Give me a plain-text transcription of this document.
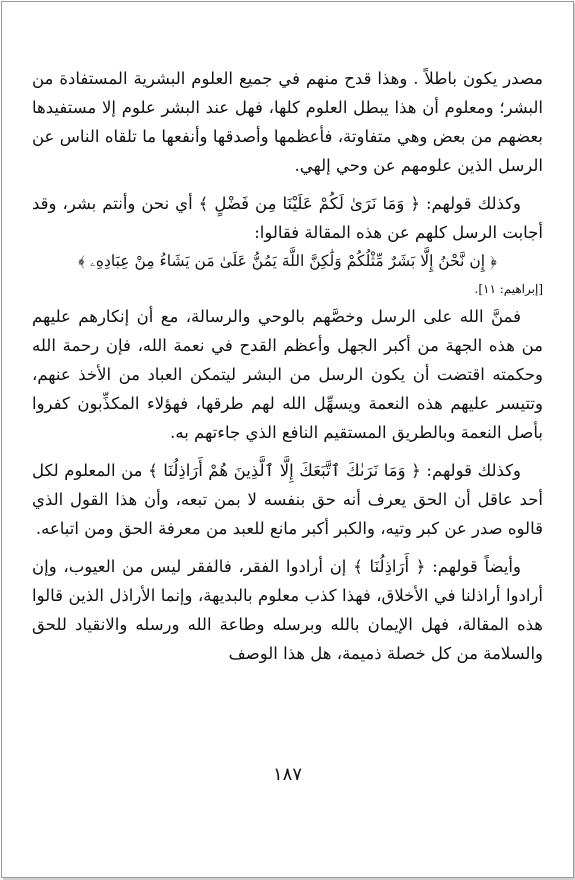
مصدر يكون باطلاً . وهذا قدح منهم في جميع العلوم البشرية المستفادة من البشر؛ ومعلوم أن هذا يبطل العلوم كلها، فهل عند البشر علوم إلا مستفيدها بعضهم من بعض وهي متفاوتة، فأعظمها وأصدقها وأنفعها ما تلقاه الناس عن الرسل الذين علومهم عن وحي إلهي.

وكذلك قولهم: ﴿ وَمَا نَرَىٰ لَكُمْ عَلَيْنَا مِن فَضْلٍ ﴾ أي نحن وأنتم بشر، وقد أجابت الرسل كلهم عن هذه المقالة فقالوا:

﴿ إِن نَّحْنُ إِلَّا بَشَرٌ مِّثْلُكُمْ وَلَٰكِنَّ اللَّهَ يَمُنُّ عَلَىٰ مَن يَشَاءُ مِنْ عِبَادِهِۦ ﴾

[إبراهيم: ١١].

فمنَّ الله على الرسل وخصَّهم بالوحي والرسالة، مع أن إنكارهم عليهم من هذه الجهة من أكبر الجهل وأعظم القدح في نعمة الله، فإن رحمة الله وحكمته اقتضت أن يكون الرسل من البشر ليتمكن العباد من الأخذ عنهم، وتتيسر عليهم هذه النعمة ويسهِّل الله لهم طرقها، فهؤلاء المكذِّبون كفروا بأصل النعمة وبالطريق المستقيم النافع الذي جاءتهم به.

وكذلك قولهم: ﴿ وَمَا نَرَىٰكَ ٱتَّبَعَكَ إِلَّا ٱلَّذِينَ هُمْ أَرَاذِلُنَا ﴾ من المعلوم لكل أحد عاقل أن الحق يعرف أنه حق بنفسه لا بمن تبعه، وأن هذا القول الذي قالوه صدر عن كبر وتيه، والكبر أكبر مانع للعبد من معرفة الحق ومن اتباعه.

وأيضاً قولهم: ﴿ أَرَاذِلُنَا ﴾ إن أرادوا الفقر، فالفقر ليس من العيوب، وإن أرادوا أراذلنا في الأخلاق، فهذا كذب معلوم بالبديهة، وإنما الأراذل الذين قالوا هذه المقالة، فهل الإيمان بالله وبرسله وطاعة الله ورسله والانقياد للحق والسلامة من كل خصلة ذميمة، هل هذا الوصف

١٨٧
